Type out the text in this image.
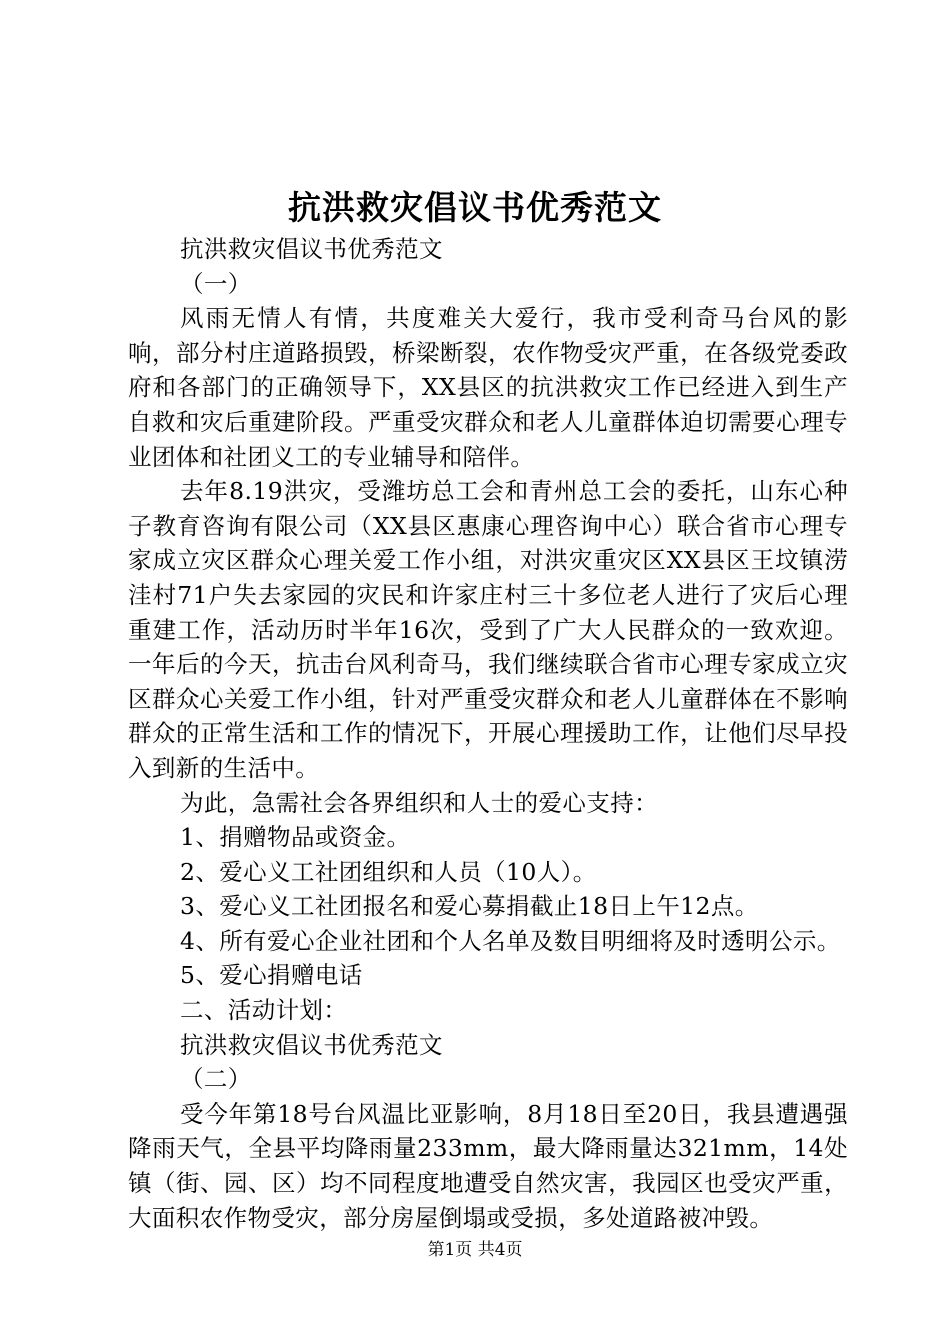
抗洪救灾倡议书优秀范文

抗洪救灾倡议书优秀范文

（一）

风雨无情人有情，共度难关大爱行，我市受利奇马台风的影响，部分村庄道路损毁，桥梁断裂，农作物受灾严重，在各级党委政府和各部门的正确领导下，XX县区的抗洪救灾工作已经进入到生产自救和灾后重建阶段。严重受灾群众和老人儿童群体迫切需要心理专业团体和社团义工的专业辅导和陪伴。

去年8.19洪灾，受潍坊总工会和青州总工会的委托，山东心种子教育咨询有限公司（XX县区惠康心理咨询中心）联合省市心理专家成立灾区群众心理关爱工作小组，对洪灾重灾区XX县区王坟镇涝洼村71户失去家园的灾民和许家庄村三十多位老人进行了灾后心理重建工作，活动历时半年16次，受到了广大人民群众的一致欢迎。一年后的今天，抗击台风利奇马，我们继续联合省市心理专家成立灾区群众心关爱工作小组，针对严重受灾群众和老人儿童群体在不影响群众的正常生活和工作的情况下，开展心理援助工作，让他们尽早投入到新的生活中。

为此，急需社会各界组织和人士的爱心支持：

1、捐赠物品或资金。

2、爱心义工社团组织和人员（10人）。

3、爱心义工社团报名和爱心募捐截止18日上午12点。

4、所有爱心企业社团和个人名单及数目明细将及时透明公示。

5、爱心捐赠电话

二、活动计划：

抗洪救灾倡议书优秀范文

（二）

受今年第18号台风温比亚影响，8月18日至20日，我县遭遇强降雨天气，全县平均降雨量233mm，最大降雨量达321mm，14处镇（街、园、区）均不同程度地遭受自然灾害，我园区也受灾严重，大面积农作物受灾，部分房屋倒塌或受损，多处道路被冲毁。

第1页 共4页
